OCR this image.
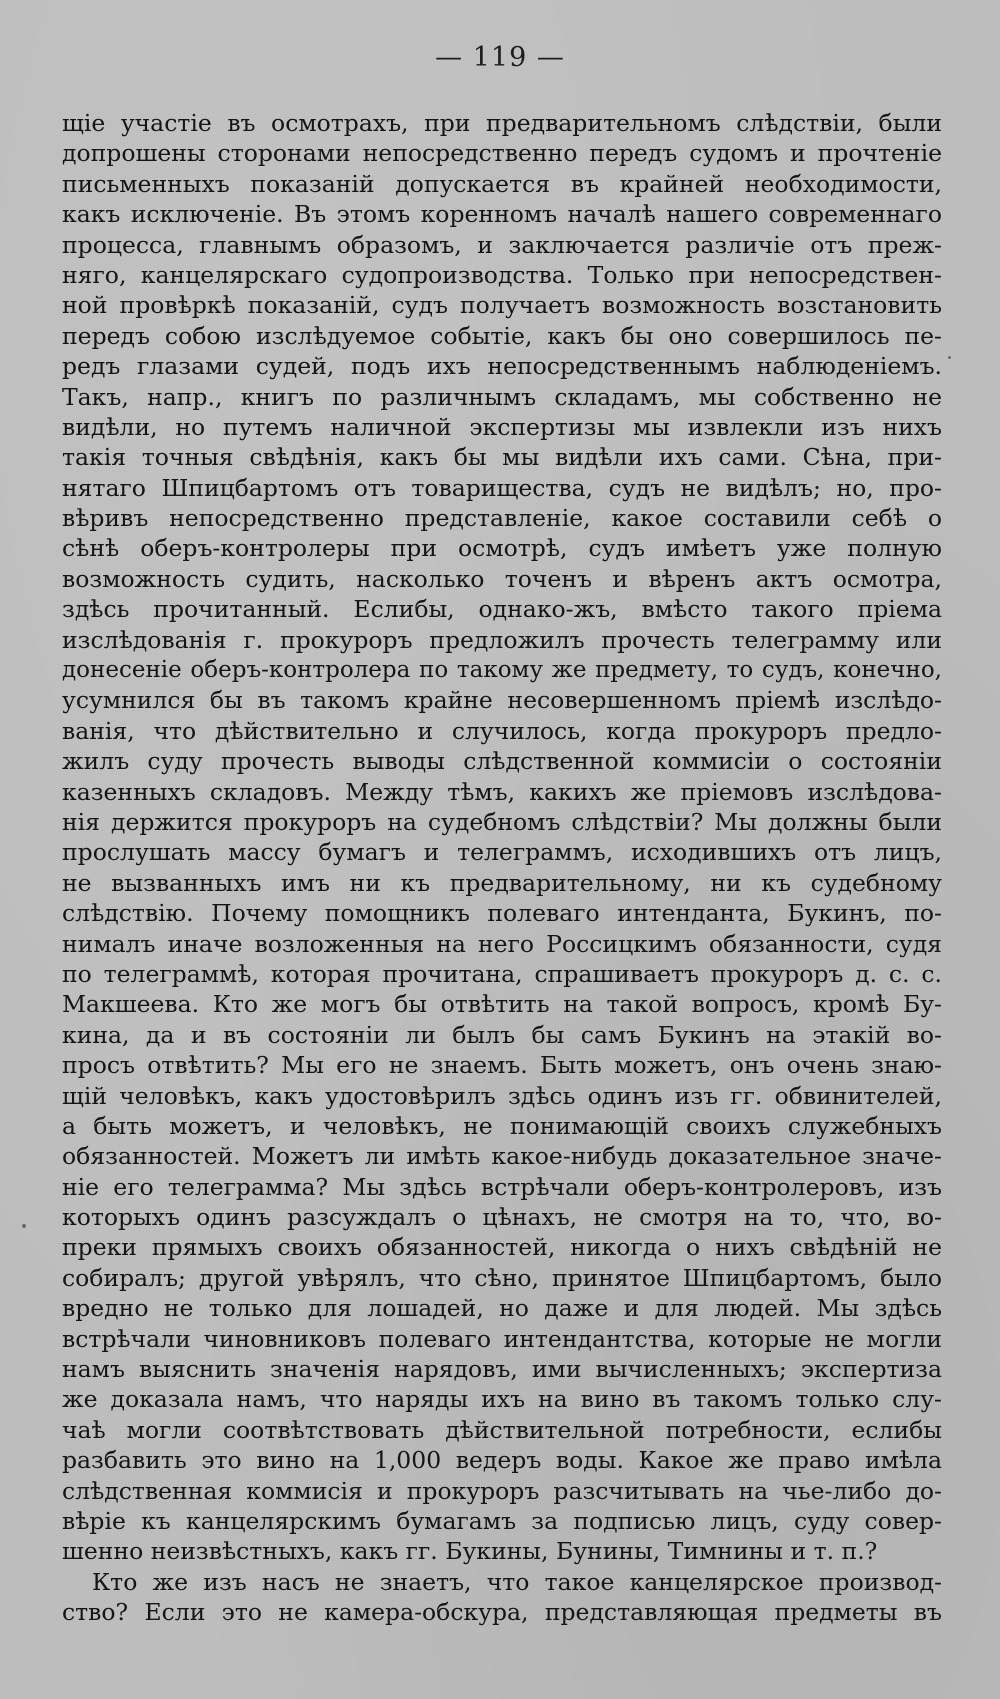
— 119 —
щіе участіе въ осмотрахъ, при предварительномъ слѣдствіи, были
допрошены сторонами непосредственно передъ судомъ и прочтеніе
письменныхъ показаній допускается въ крайней необходимости,
какъ исключеніе. Въ этомъ коренномъ началѣ нашего современнаго
процесса, главнымъ образомъ, и заключается различіе отъ преж-
няго, канцелярскаго судопроизводства. Только при непосредствен-
ной провѣркѣ показаній, судъ получаетъ возможность возстановить
передъ собою изслѣдуемое событіе, какъ бы оно совершилось пе-
редъ глазами судей, подъ ихъ непосредственнымъ наблюденіемъ.
Такъ, напр., книгъ по различнымъ складамъ, мы собственно не
видѣли, но путемъ наличной экспертизы мы извлекли изъ нихъ
такія точныя свѣдѣнія, какъ бы мы видѣли ихъ сами. Сѣна, при-
нятаго Шпицбартомъ отъ товарищества, судъ не видѣлъ; но, про-
вѣривъ непосредственно представленіе, какое составили себѣ о
сѣнѣ оберъ-контролеры при осмотрѣ, судъ имѣетъ уже полную
возможность судить, насколько точенъ и вѣренъ актъ осмотра,
здѣсь прочитанный. Еслибы, однако-жъ, вмѣсто такого пріема
изслѣдованія г. прокуроръ предложилъ прочесть телеграмму или
донесеніе оберъ-контролера по такому же предмету, то судъ, конечно,
усумнился бы въ такомъ крайне несовершенномъ пріемѣ изслѣдо-
ванія, что дѣйствительно и случилось, когда прокуроръ предло-
жилъ суду прочесть выводы слѣдственной коммисіи о состояніи
казенныхъ складовъ. Между тѣмъ, какихъ же пріемовъ изслѣдова-
нія держится прокуроръ на судебномъ слѣдствіи? Мы должны были
прослушать массу бумагъ и телеграммъ, исходившихъ отъ лицъ,
не вызванныхъ имъ ни къ предварительному, ни къ судебному
слѣдствію. Почему помощникъ полеваго интенданта, Букинъ, по-
нималъ иначе возложенныя на него Россицкимъ обязанности, судя
по телеграммѣ, которая прочитана, спрашиваетъ прокуроръ д. с. с.
Макшеева. Кто же могъ бы отвѣтить на такой вопросъ, кромѣ Бу-
кина, да и въ состояніи ли былъ бы самъ Букинъ на этакій во-
просъ отвѣтить? Мы его не знаемъ. Быть можетъ, онъ очень знаю-
щій человѣкъ, какъ удостовѣрилъ здѣсь одинъ изъ гг. обвинителей,
а быть можетъ, и человѣкъ, не понимающій своихъ служебныхъ
обязанностей. Можетъ ли имѣть какое-нибудь доказательное значе-
ніе его телеграмма? Мы здѣсь встрѣчали оберъ-контролеровъ, изъ
которыхъ одинъ разсуждалъ о цѣнахъ, не смотря на то, что, во-
преки прямыхъ своихъ обязанностей, никогда о нихъ свѣдѣній не
собиралъ; другой увѣрялъ, что сѣно, принятое Шпицбартомъ, было
вредно не только для лошадей, но даже и для людей. Мы здѣсь
встрѣчали чиновниковъ полеваго интендантства, которые не могли
намъ выяснить значенія нарядовъ, ими вычисленныхъ; экспертиза
же доказала намъ, что наряды ихъ на вино въ такомъ только слу-
чаѣ могли соотвѣтствовать дѣйствительной потребности, еслибы
разбавить это вино на 1,000 ведеръ воды. Какое же право имѣла
слѣдственная коммисія и прокуроръ разсчитывать на чье-либо до-
вѣріе къ канцелярскимъ бумагамъ за подписью лицъ, суду совер-
шенно неизвѣстныхъ, какъ гг. Букины, Бунины, Тимнины и т. п.?
Кто же изъ насъ не знаетъ, что такое канцелярское производ-
ство? Если это не камера-обскура, представляющая предметы въ
